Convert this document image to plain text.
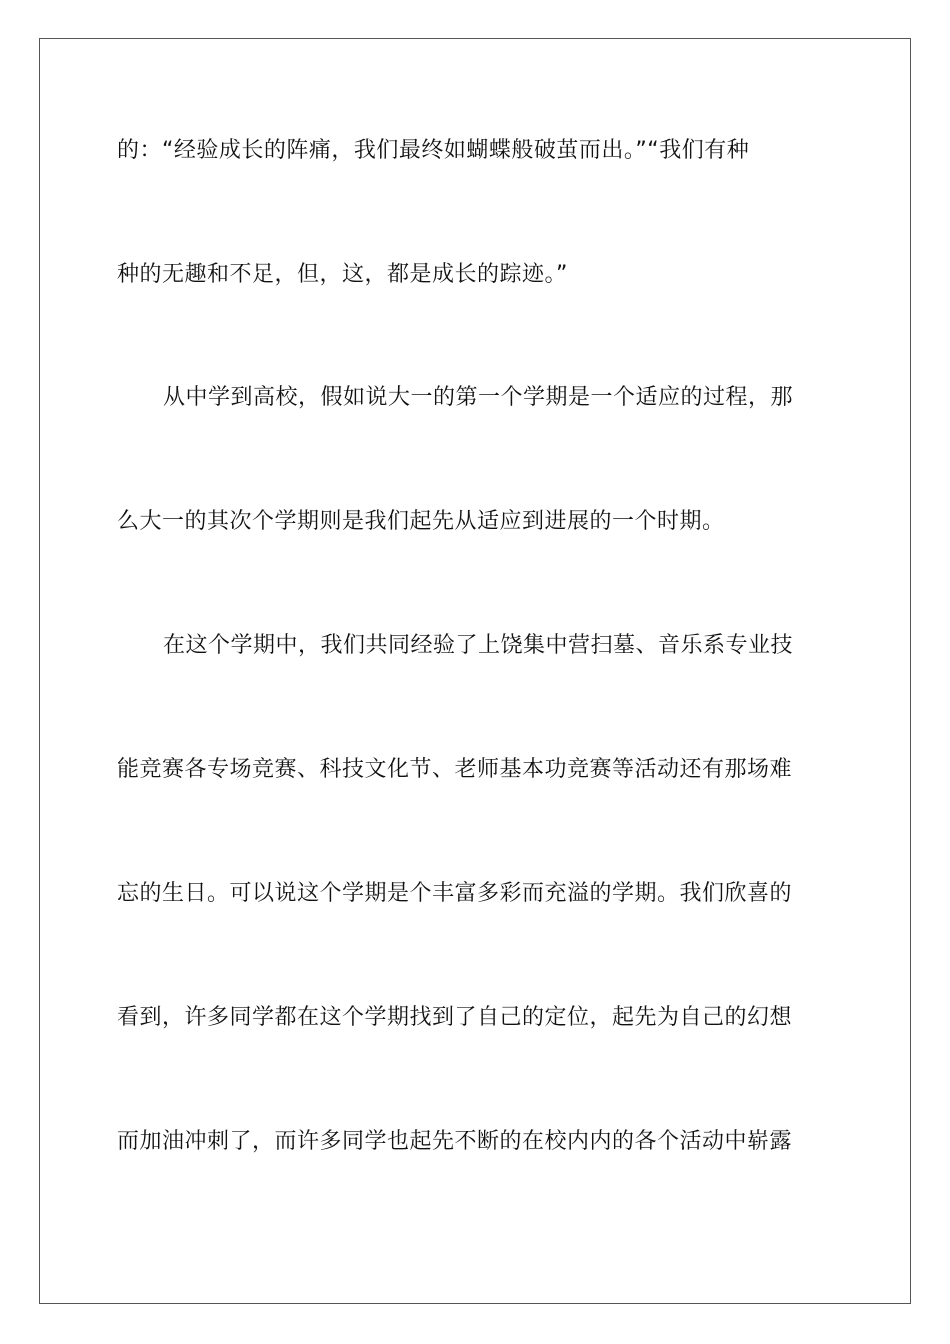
的：“经验成长的阵痛，我们最终如蝴蝶般破茧而出。”“我们有种
种的无趣和不足，但，这，都是成长的踪迹。”
从中学到高校，假如说大一的第一个学期是一个适应的过程，那
么大一的其次个学期则是我们起先从适应到进展的一个时期。
在这个学期中，我们共同经验了上饶集中营扫墓、音乐系专业技
能竞赛各专场竞赛、科技文化节、老师基本功竞赛等活动还有那场难
忘的生日。可以说这个学期是个丰富多彩而充溢的学期。我们欣喜的
看到，许多同学都在这个学期找到了自己的定位，起先为自己的幻想
而加油冲刺了，而许多同学也起先不断的在校内内的各个活动中崭露
